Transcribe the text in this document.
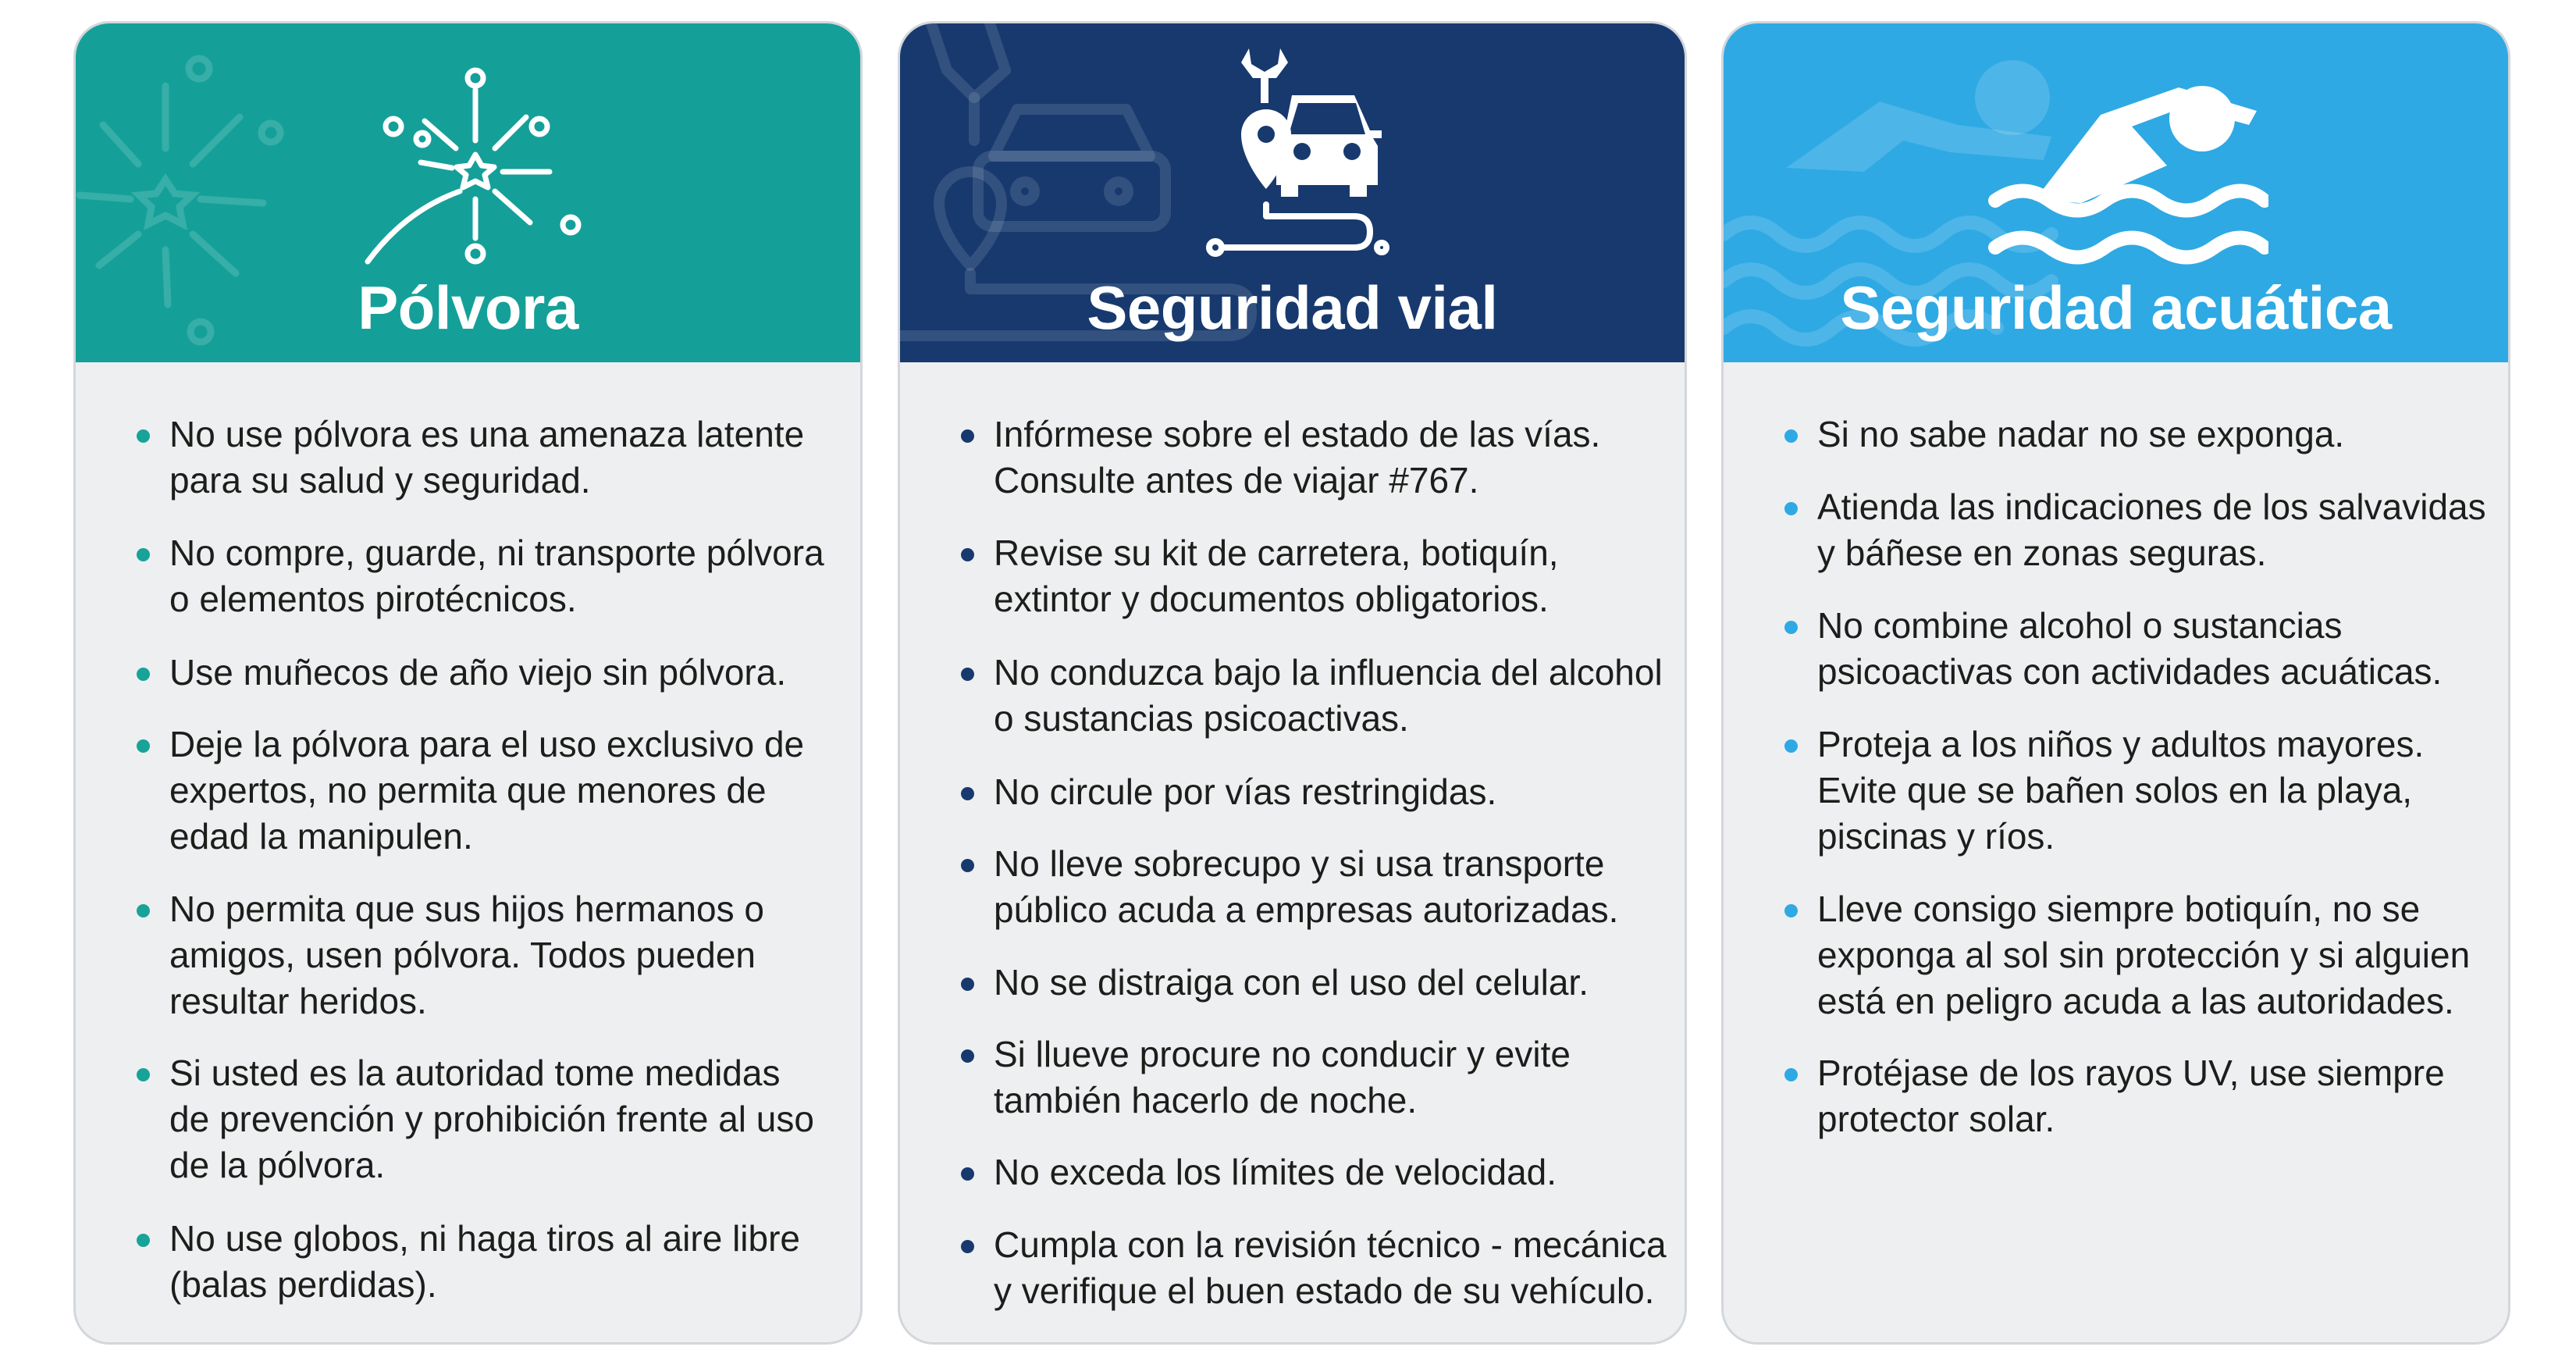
Pólvora
No use pólvora es una amenaza latente
para su salud y seguridad.
No compre, guarde, ni transporte pólvora
o elementos pirotécnicos.
Use muñecos de año viejo sin pólvora.
Deje la pólvora para el uso exclusivo de
expertos, no permita que menores de
edad la manipulen.
No permita que sus hijos hermanos o
amigos, usen pólvora. Todos pueden
resultar heridos.
Si usted es la autoridad tome medidas
de prevención y prohibición frente al uso
de la pólvora.
No use globos, ni haga tiros al aire libre
(balas perdidas).
Seguridad vial
Infórmese sobre el estado de las vías.
Consulte antes de viajar #767.
Revise su kit de carretera, botiquín,
extintor y documentos obligatorios.
No conduzca bajo la influencia del alcohol
o sustancias psicoactivas.
No circule por vías restringidas.
No lleve sobrecupo y si usa transporte
público acuda a empresas autorizadas.
No se distraiga con el uso del celular.
Si llueve procure no conducir y evite
también hacerlo de noche.
No exceda los límites de velocidad.
Cumpla con la revisión técnico - mecánica
y verifique el buen estado de su vehículo.
Seguridad acuática
Si no sabe nadar no se exponga.
Atienda las indicaciones de los salvavidas
y báñese en zonas seguras.
No combine alcohol o sustancias
psicoactivas con actividades acuáticas.
Proteja a los niños y adultos mayores.
Evite que se bañen solos en la playa,
piscinas y ríos.
Lleve consigo siempre botiquín, no se
exponga al sol sin protección y si alguien
está en peligro acuda a las autoridades.
Protéjase de los rayos UV, use siempre
protector solar.
